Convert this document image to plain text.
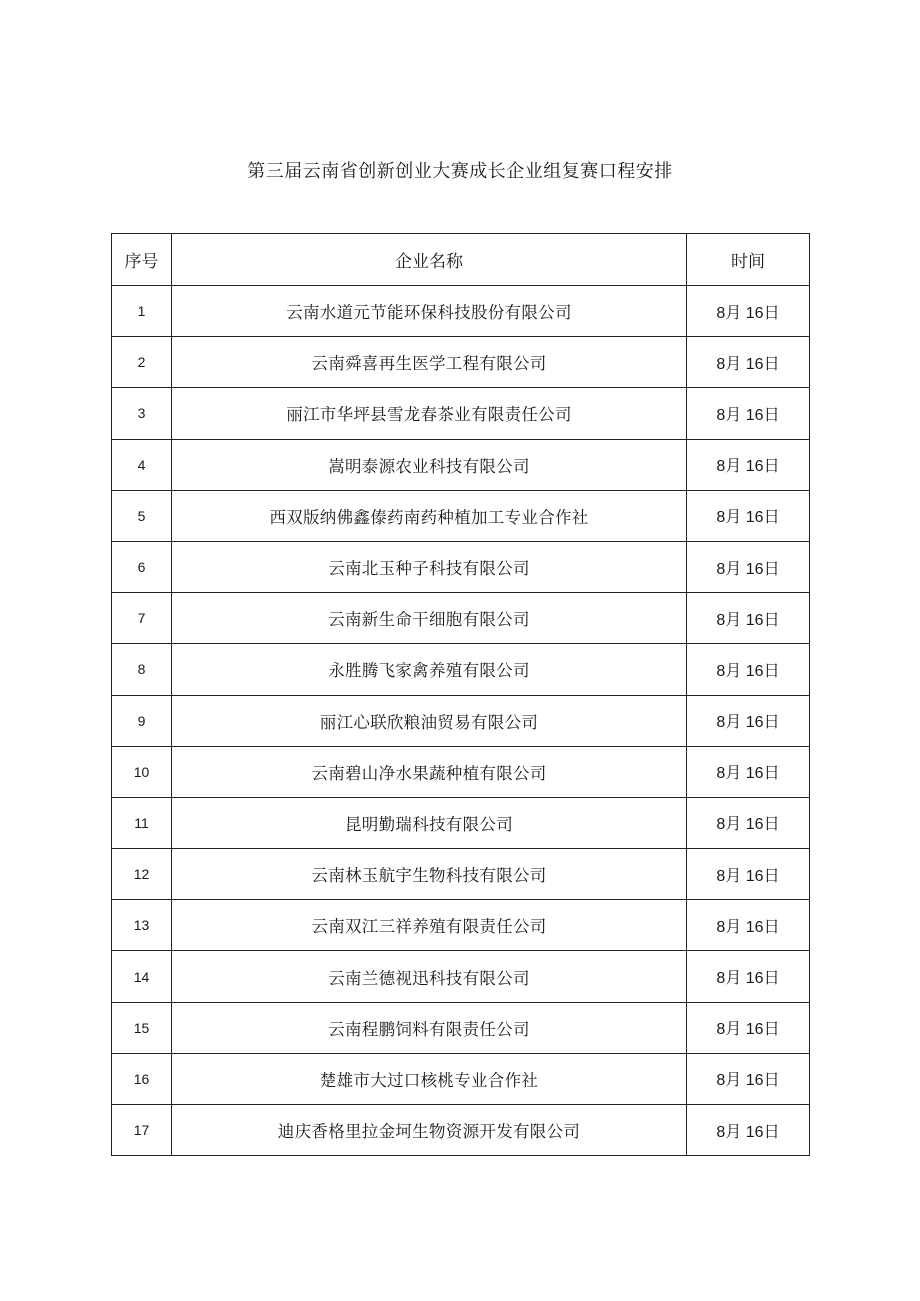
第三届云南省创新创业大赛成长企业组复赛口程安排
序号	企业名称	时间
1	云南水道元节能环保科技股份有限公司	8月 16日
2	云南舜喜再生医学工程有限公司	8月 16日
3	丽江市华坪县雪龙春茶业有限责任公司	8月 16日
4	嵩明泰源农业科技有限公司	8月 16日
5	西双版纳佛鑫傣药南药种植加工专业合作社	8月 16日
6	云南北玉种子科技有限公司	8月 16日
7	云南新生命干细胞有限公司	8月 16日
8	永胜腾飞家禽养殖有限公司	8月 16日
9	丽江心联欣粮油贸易有限公司	8月 16日
10	云南碧山净水果蔬种植有限公司	8月 16日
11	昆明勤瑞科技有限公司	8月 16日
12	云南林玉航宇生物科技有限公司	8月 16日
13	云南双江三祥养殖有限责任公司	8月 16日
14	云南兰德视迅科技有限公司	8月 16日
15	云南程鹏饲料有限责任公司	8月 16日
16	楚雄市大过口核桃专业合作社	8月 16日
17	迪庆香格里拉金坷生物资源开发有限公司	8月 16日
